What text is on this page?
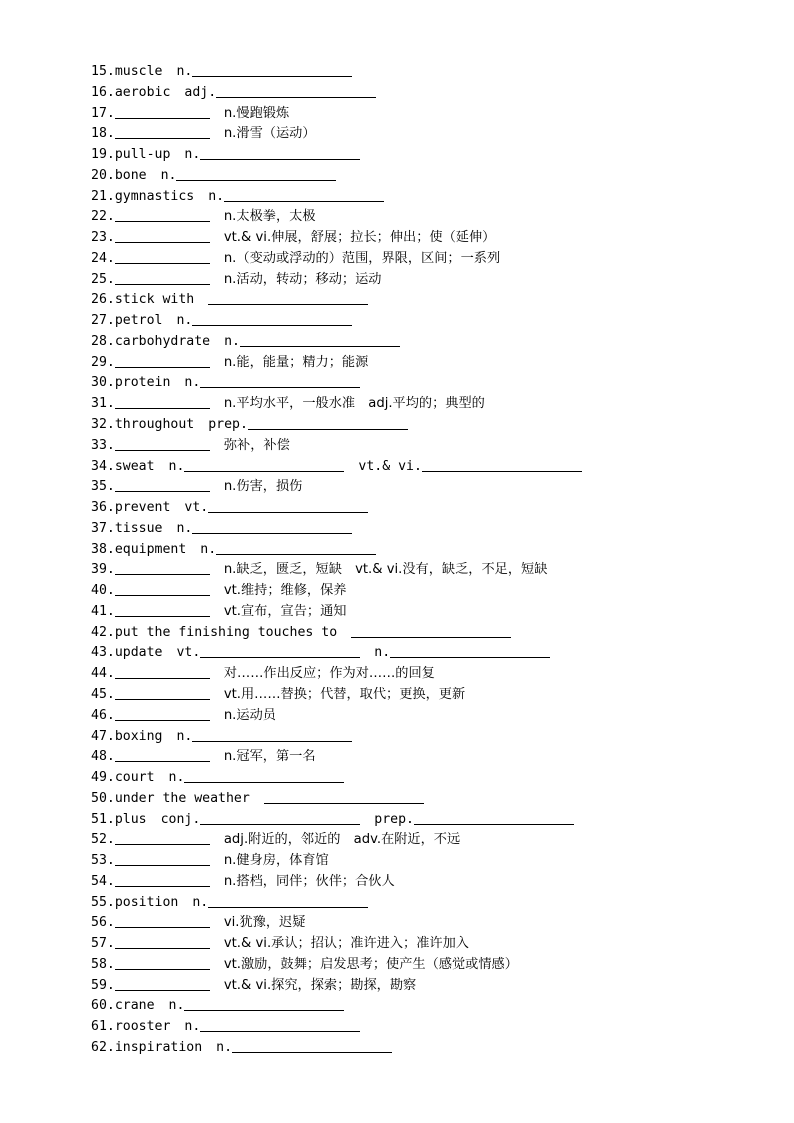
15.muscle n.
16.aerobic adj.
17.	n.慢跑锻炼
18.	n.滑雪（运动）
19.pull-up n.
20.bone n.
21.gymnastics n.
22.	n.太极拳，太极
23.	vt.& vi.伸展，舒展；拉长；伸出；使（延伸）
24.	n.（变动或浮动的）范围，界限，区间；一系列
25.	n.活动，转动；移动；运动
26.stick with
27.petrol n.
28.carbohydrate n.
29.	n.能，能量；精力；能源
30.protein n.
31.	n.平均水平，一般水准　adj.平均的；典型的
32.throughout prep.
33.	弥补，补偿
34.sweat n.	vt.& vi.
35.	n.伤害，损伤
36.prevent vt.
37.tissue n.
38.equipment n.
39.	n.缺乏，匮乏，短缺　vt.& vi.没有，缺乏，不足，短缺
40.	vt.维持；维修，保养
41.	vt.宣布，宣告；通知
42.put the finishing touches to
43.update vt.	n.
44.	对……作出反应；作为对……的回复
45.	vt.用……替换；代替，取代；更换，更新
46.	n.运动员
47.boxing n.
48.	n.冠军，第一名
49.court n.
50.under the weather
51.plus conj.	prep.
52.	adj.附近的，邻近的　adv.在附近，不远
53.	n.健身房，体育馆
54.	n.搭档，同伴；伙伴；合伙人
55.position n.
56.	vi.犹豫，迟疑
57.	vt.& vi.承认；招认；准许进入；准许加入
58.	vt.激励，鼓舞；启发思考；使产生（感觉或情感）
59.	vt.& vi.探究，探索；勘探，勘察
60.crane n.
61.rooster n.
62.inspiration n.
